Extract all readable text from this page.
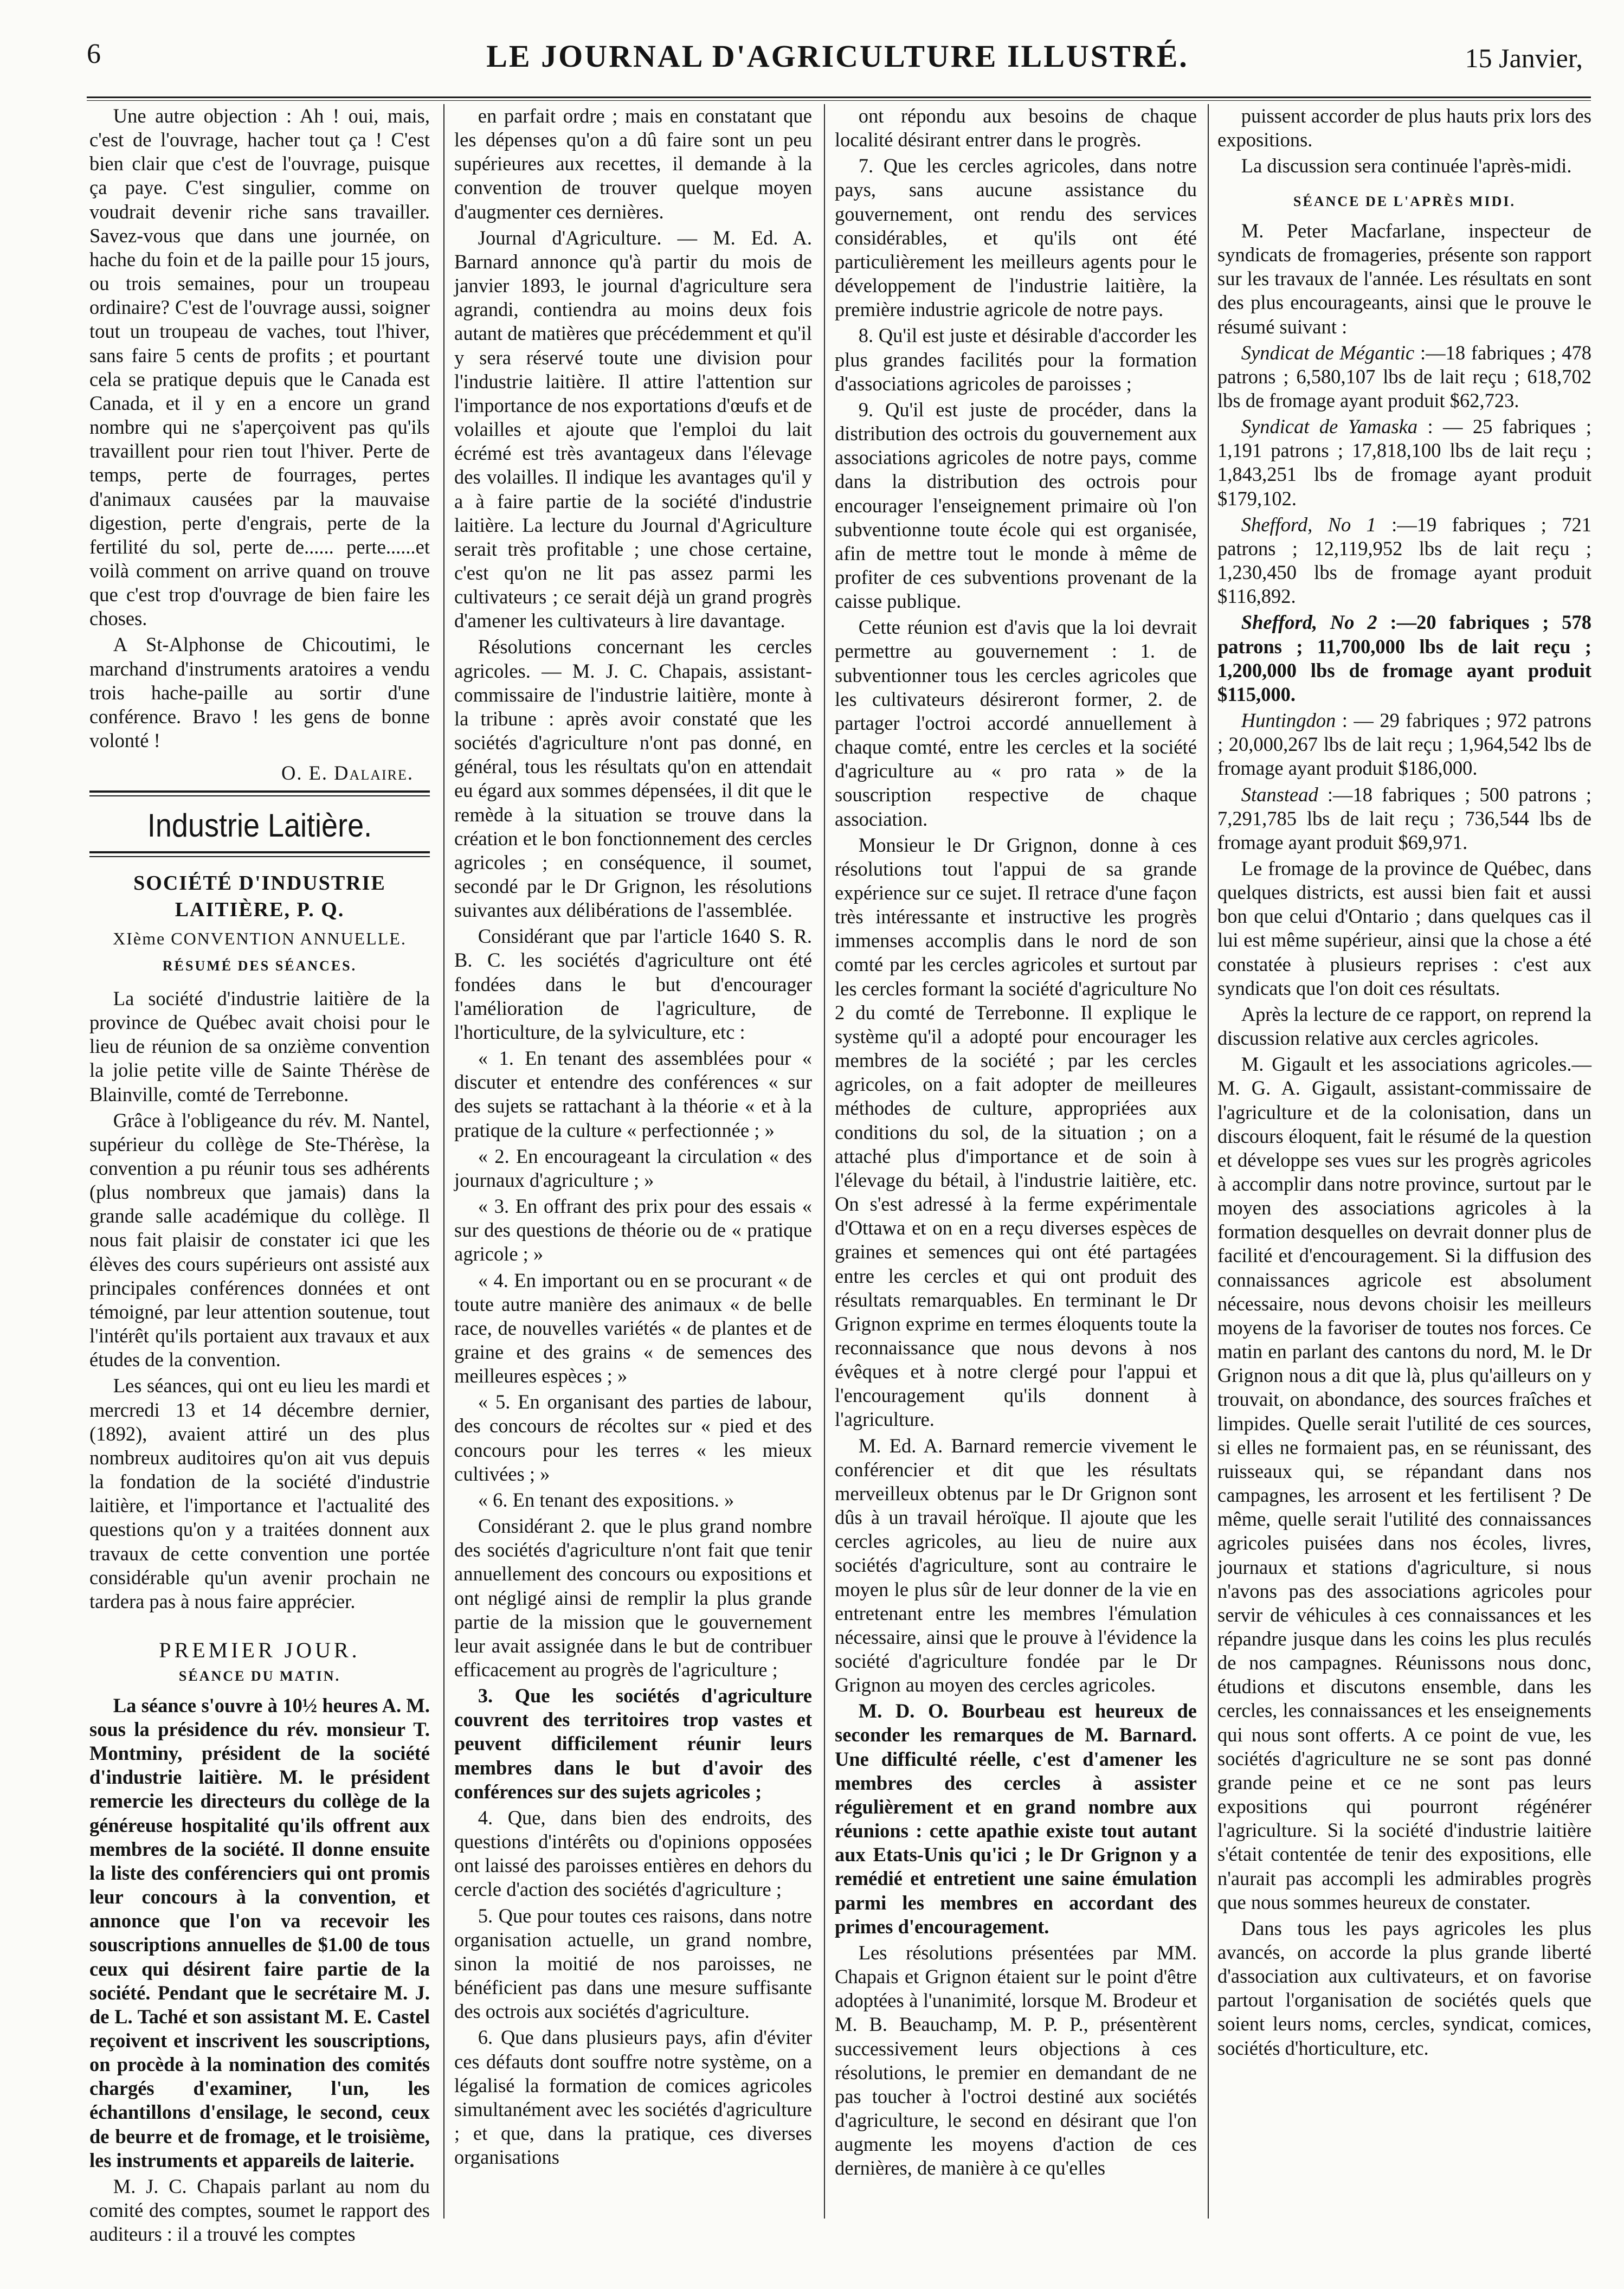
6	LE JOURNAL D'AGRICULTURE ILLUSTRÉ.	15 Janvier,

Une autre objection : Ah ! oui, mais, c'est de l'ouvrage, hacher tout ça ! C'est bien clair que c'est de l'ouvrage, puisque ça paye. C'est singulier, comme on voudrait devenir riche sans travailler. Savez-vous que dans une journée, on hache du foin et de la paille pour 15 jours, ou trois semaines, pour un troupeau ordinaire? C'est de l'ouvrage aussi, soigner tout un troupeau de vaches, tout l'hiver, sans faire 5 cents de profits ; et pourtant cela se pratique depuis que le Canada est Canada, et il y en a encore un grand nombre qui ne s'aperçoivent pas qu'ils travaillent pour rien tout l'hiver. Perte de temps, perte de fourrages, pertes d'animaux causées par la mauvaise digestion, perte d'engrais, perte de la fertilité du sol, perte de...... perte......et voilà comment on arrive quand on trouve que c'est trop d'ouvrage de bien faire les choses.

A St-Alphonse de Chicoutimi, le marchand d'instruments aratoires a vendu trois hache-paille au sortir d'une conférence. Bravo ! les gens de bonne volonté !

O. E. Dalaire.
Industrie Laitière.
SOCIÉTÉ D'INDUSTRIE LAITIÈRE, P. Q.
XIème CONVENTION ANNUELLE.
RÉSUMÉ DES SÉANCES.

La société d'industrie laitière de la province de Québec avait choisi pour le lieu de réunion de sa onzième convention la jolie petite ville de Sainte Thérèse de Blainville, comté de Terrebonne.

Grâce à l'obligeance du rév. M. Nantel, supérieur du collège de Ste-Thérèse, la convention a pu réunir tous ses adhérents (plus nombreux que jamais) dans la grande salle académique du collège. Il nous fait plaisir de constater ici que les élèves des cours supérieurs ont assisté aux principales conférences données et ont témoigné, par leur attention soutenue, tout l'intérêt qu'ils portaient aux travaux et aux études de la convention.

Les séances, qui ont eu lieu les mardi et mercredi 13 et 14 décembre dernier, (1892), avaient attiré un des plus nombreux auditoires qu'on ait vus depuis la fondation de la société d'industrie laitière, et l'importance et l'actualité des questions qu'on y a traitées donnent aux travaux de cette convention une portée considérable qu'un avenir prochain ne tardera pas à nous faire apprécier.

PREMIER JOUR.
SÉANCE DU MATIN.

La séance s'ouvre à 10½ heures A. M. sous la présidence du rév. monsieur T. Montminy, président de la société d'industrie laitière. M. le président remercie les directeurs du collège de la généreuse hospitalité qu'ils offrent aux membres de la société. Il donne ensuite la liste des conférenciers qui ont promis leur concours à la convention, et annonce que l'on va recevoir les souscriptions annuelles de $1.00 de tous ceux qui désirent faire partie de la société. Pendant que le secrétaire M. J. de L. Taché et son assistant M. E. Castel reçoivent et inscrivent les souscriptions, on procède à la nomination des comités chargés d'examiner, l'un, les échantillons d'ensilage, le second, ceux de beurre et de fromage, et le troisième, les instruments et appareils de laiterie.

M. J. C. Chapais parlant au nom du comité des comptes, soumet le rapport des auditeurs : il a trouvé les comptes

en parfait ordre ; mais en constatant que les dépenses qu'on a dû faire sont un peu supérieures aux recettes, il demande à la convention de trouver quelque moyen d'augmenter ces dernières.

Journal d'Agriculture. — M. Ed. A. Barnard annonce qu'à partir du mois de janvier 1893, le journal d'agriculture sera agrandi, contiendra au moins deux fois autant de matières que précédemment et qu'il y sera réservé toute une division pour l'industrie laitière. Il attire l'attention sur l'importance de nos exportations d'œufs et de volailles et ajoute que l'emploi du lait écrémé est très avantageux dans l'élevage des volailles. Il indique les avantages qu'il y a à faire partie de la société d'industrie laitière. La lecture du Journal d'Agriculture serait très profitable ; une chose certaine, c'est qu'on ne lit pas assez parmi les cultivateurs ; ce serait déjà un grand progrès d'amener les cultivateurs à lire davantage.

Résolutions concernant les cercles agricoles. — M. J. C. Chapais, assistant-commissaire de l'industrie laitière, monte à la tribune : après avoir constaté que les sociétés d'agriculture n'ont pas donné, en général, tous les résultats qu'on en attendait eu égard aux sommes dépensées, il dit que le remède à la situation se trouve dans la création et le bon fonctionnement des cercles agricoles ; en conséquence, il soumet, secondé par le Dr Grignon, les résolutions suivantes aux délibérations de l'assemblée.

Considérant que par l'article 1640 S. R. B. C. les sociétés d'agriculture ont été fondées dans le but d'encourager l'amélioration de l'agriculture, de l'horticulture, de la sylviculture, etc :

« 1. En tenant des assemblées pour « discuter et entendre des conférences « sur des sujets se rattachant à la théorie « et à la pratique de la culture « perfectionnée ; »

« 2. En encourageant la circulation « des journaux d'agriculture ; »

« 3. En offrant des prix pour des essais « sur des questions de théorie ou de « pratique agricole ; »

« 4. En important ou en se procurant « de toute autre manière des animaux « de belle race, de nouvelles variétés « de plantes et de graine et des grains « de semences des meilleures espèces ; »

« 5. En organisant des parties de labour, des concours de récoltes sur « pied et des concours pour les terres « les mieux cultivées ; »

« 6. En tenant des expositions. »

Considérant 2. que le plus grand nombre des sociétés d'agriculture n'ont fait que tenir annuellement des concours ou expositions et ont négligé ainsi de remplir la plus grande partie de la mission que le gouvernement leur avait assignée dans le but de contribuer efficacement au progrès de l'agriculture ;

3. Que les sociétés d'agriculture couvrent des territoires trop vastes et peuvent difficilement réunir leurs membres dans le but d'avoir des conférences sur des sujets agricoles ;

4. Que, dans bien des endroits, des questions d'intérêts ou d'opinions opposées ont laissé des paroisses entières en dehors du cercle d'action des sociétés d'agriculture ;

5. Que pour toutes ces raisons, dans notre organisation actuelle, un grand nombre, sinon la moitié de nos paroisses, ne bénéficient pas dans une mesure suffisante des octrois aux sociétés d'agriculture.

6. Que dans plusieurs pays, afin d'éviter ces défauts dont souffre notre système, on a légalisé la formation de comices agricoles simultanément avec les sociétés d'agriculture ; et que, dans la pratique, ces diverses organisations

ont répondu aux besoins de chaque localité désirant entrer dans le progrès.

7. Que les cercles agricoles, dans notre pays, sans aucune assistance du gouvernement, ont rendu des services considérables, et qu'ils ont été particulièrement les meilleurs agents pour le développement de l'industrie laitière, la première industrie agricole de notre pays.

8. Qu'il est juste et désirable d'accorder les plus grandes facilités pour la formation d'associations agricoles de paroisses ;

9. Qu'il est juste de procéder, dans la distribution des octrois du gouvernement aux associations agricoles de notre pays, comme dans la distribution des octrois pour encourager l'enseignement primaire où l'on subventionne toute école qui est organisée, afin de mettre tout le monde à même de profiter de ces subventions provenant de la caisse publique.

Cette réunion est d'avis que la loi devrait permettre au gouvernement : 1. de subventionner tous les cercles agricoles que les cultivateurs désireront former, 2. de partager l'octroi accordé annuellement à chaque comté, entre les cercles et la société d'agriculture au « pro rata » de la souscription respective de chaque association.

Monsieur le Dr Grignon, donne à ces résolutions tout l'appui de sa grande expérience sur ce sujet. Il retrace d'une façon très intéressante et instructive les progrès immenses accomplis dans le nord de son comté par les cercles agricoles et surtout par les cercles formant la société d'agriculture No 2 du comté de Terrebonne. Il explique le système qu'il a adopté pour encourager les membres de la société ; par les cercles agricoles, on a fait adopter de meilleures méthodes de culture, appropriées aux conditions du sol, de la situation ; on a attaché plus d'importance et de soin à l'élevage du bétail, à l'industrie laitière, etc. On s'est adressé à la ferme expérimentale d'Ottawa et on en a reçu diverses espèces de graines et semences qui ont été partagées entre les cercles et qui ont produit des résultats remarquables. En terminant le Dr Grignon exprime en termes éloquents toute la reconnaissance que nous devons à nos évêques et à notre clergé pour l'appui et l'encouragement qu'ils donnent à l'agriculture.

M. Ed. A. Barnard remercie vivement le conférencier et dit que les résultats merveilleux obtenus par le Dr Grignon sont dûs à un travail héroïque. Il ajoute que les cercles agricoles, au lieu de nuire aux sociétés d'agriculture, sont au contraire le moyen le plus sûr de leur donner de la vie en entretenant entre les membres l'émulation nécessaire, ainsi que le prouve à l'évidence la société d'agriculture fondée par le Dr Grignon au moyen des cercles agricoles.

M. D. O. Bourbeau est heureux de seconder les remarques de M. Barnard. Une difficulté réelle, c'est d'amener les membres des cercles à assister régulièrement et en grand nombre aux réunions : cette apathie existe tout autant aux Etats-Unis qu'ici ; le Dr Grignon y a remédié et entretient une saine émulation parmi les membres en accordant des primes d'encouragement.

Les résolutions présentées par MM. Chapais et Grignon étaient sur le point d'être adoptées à l'unanimité, lorsque M. Brodeur et M. B. Beauchamp, M. P. P., présentèrent successivement leurs objections à ces résolutions, le premier en demandant de ne pas toucher à l'octroi destiné aux sociétés d'agriculture, le second en désirant que l'on augmente les moyens d'action de ces dernières, de manière à ce qu'elles

puissent accorder de plus hauts prix lors des expositions.

La discussion sera continuée l'après-midi.

SÉANCE DE L'APRÈS MIDI.

M. Peter Macfarlane, inspecteur de syndicats de fromageries, présente son rapport sur les travaux de l'année. Les résultats en sont des plus encourageants, ainsi que le prouve le résumé suivant :

Syndicat de Mégantic :—18 fabriques ; 478 patrons ; 6,580,107 lbs de lait reçu ; 618,702 lbs de fromage ayant produit $62,723.

Syndicat de Yamaska : — 25 fabriques ; 1,191 patrons ; 17,818,100 lbs de lait reçu ; 1,843,251 lbs de fromage ayant produit $179,102.

Shefford, No 1 :—19 fabriques ; 721 patrons ; 12,119,952 lbs de lait reçu ; 1,230,450 lbs de fromage ayant produit $116,892.

Shefford, No 2 :—20 fabriques ; 578 patrons ; 11,700,000 lbs de lait reçu ; 1,200,000 lbs de fromage ayant produit $115,000.

Huntingdon : — 29 fabriques ; 972 patrons ; 20,000,267 lbs de lait reçu ; 1,964,542 lbs de fromage ayant produit $186,000.

Stanstead :—18 fabriques ; 500 patrons ; 7,291,785 lbs de lait reçu ; 736,544 lbs de fromage ayant produit $69,971.

Le fromage de la province de Québec, dans quelques districts, est aussi bien fait et aussi bon que celui d'Ontario ; dans quelques cas il lui est même supérieur, ainsi que la chose a été constatée à plusieurs reprises : c'est aux syndicats que l'on doit ces résultats.

Après la lecture de ce rapport, on reprend la discussion relative aux cercles agricoles.

M. Gigault et les associations agricoles.—M. G. A. Gigault, assistant-commissaire de l'agriculture et de la colonisation, dans un discours éloquent, fait le résumé de la question et développe ses vues sur les progrès agricoles à accomplir dans notre province, surtout par le moyen des associations agricoles à la formation desquelles on devrait donner plus de facilité et d'encouragement. Si la diffusion des connaissances agricole est absolument nécessaire, nous devons choisir les meilleurs moyens de la favoriser de toutes nos forces. Ce matin en parlant des cantons du nord, M. le Dr Grignon nous a dit que là, plus qu'ailleurs on y trouvait, on abondance, des sources fraîches et limpides. Quelle serait l'utilité de ces sources, si elles ne formaient pas, en se réunissant, des ruisseaux qui, se répandant dans nos campagnes, les arrosent et les fertilisent ? De même, quelle serait l'utilité des connaissances agricoles puisées dans nos écoles, livres, journaux et stations d'agriculture, si nous n'avons pas des associations agricoles pour servir de véhicules à ces connaissances et les répandre jusque dans les coins les plus reculés de nos campagnes. Réunissons nous donc, étudions et discutons ensemble, dans les cercles, les connaissances et les enseignements qui nous sont offerts. A ce point de vue, les sociétés d'agriculture ne se sont pas donné grande peine et ce ne sont pas leurs expositions qui pourront régénérer l'agriculture. Si la société d'industrie laitière s'était contentée de tenir des expositions, elle n'aurait pas accompli les admirables progrès que nous sommes heureux de constater.

Dans tous les pays agricoles les plus avancés, on accorde la plus grande liberté d'association aux cultivateurs, et on favorise partout l'organisation de sociétés quels que soient leurs noms, cercles, syndicat, comices, sociétés d'horticulture, etc.
